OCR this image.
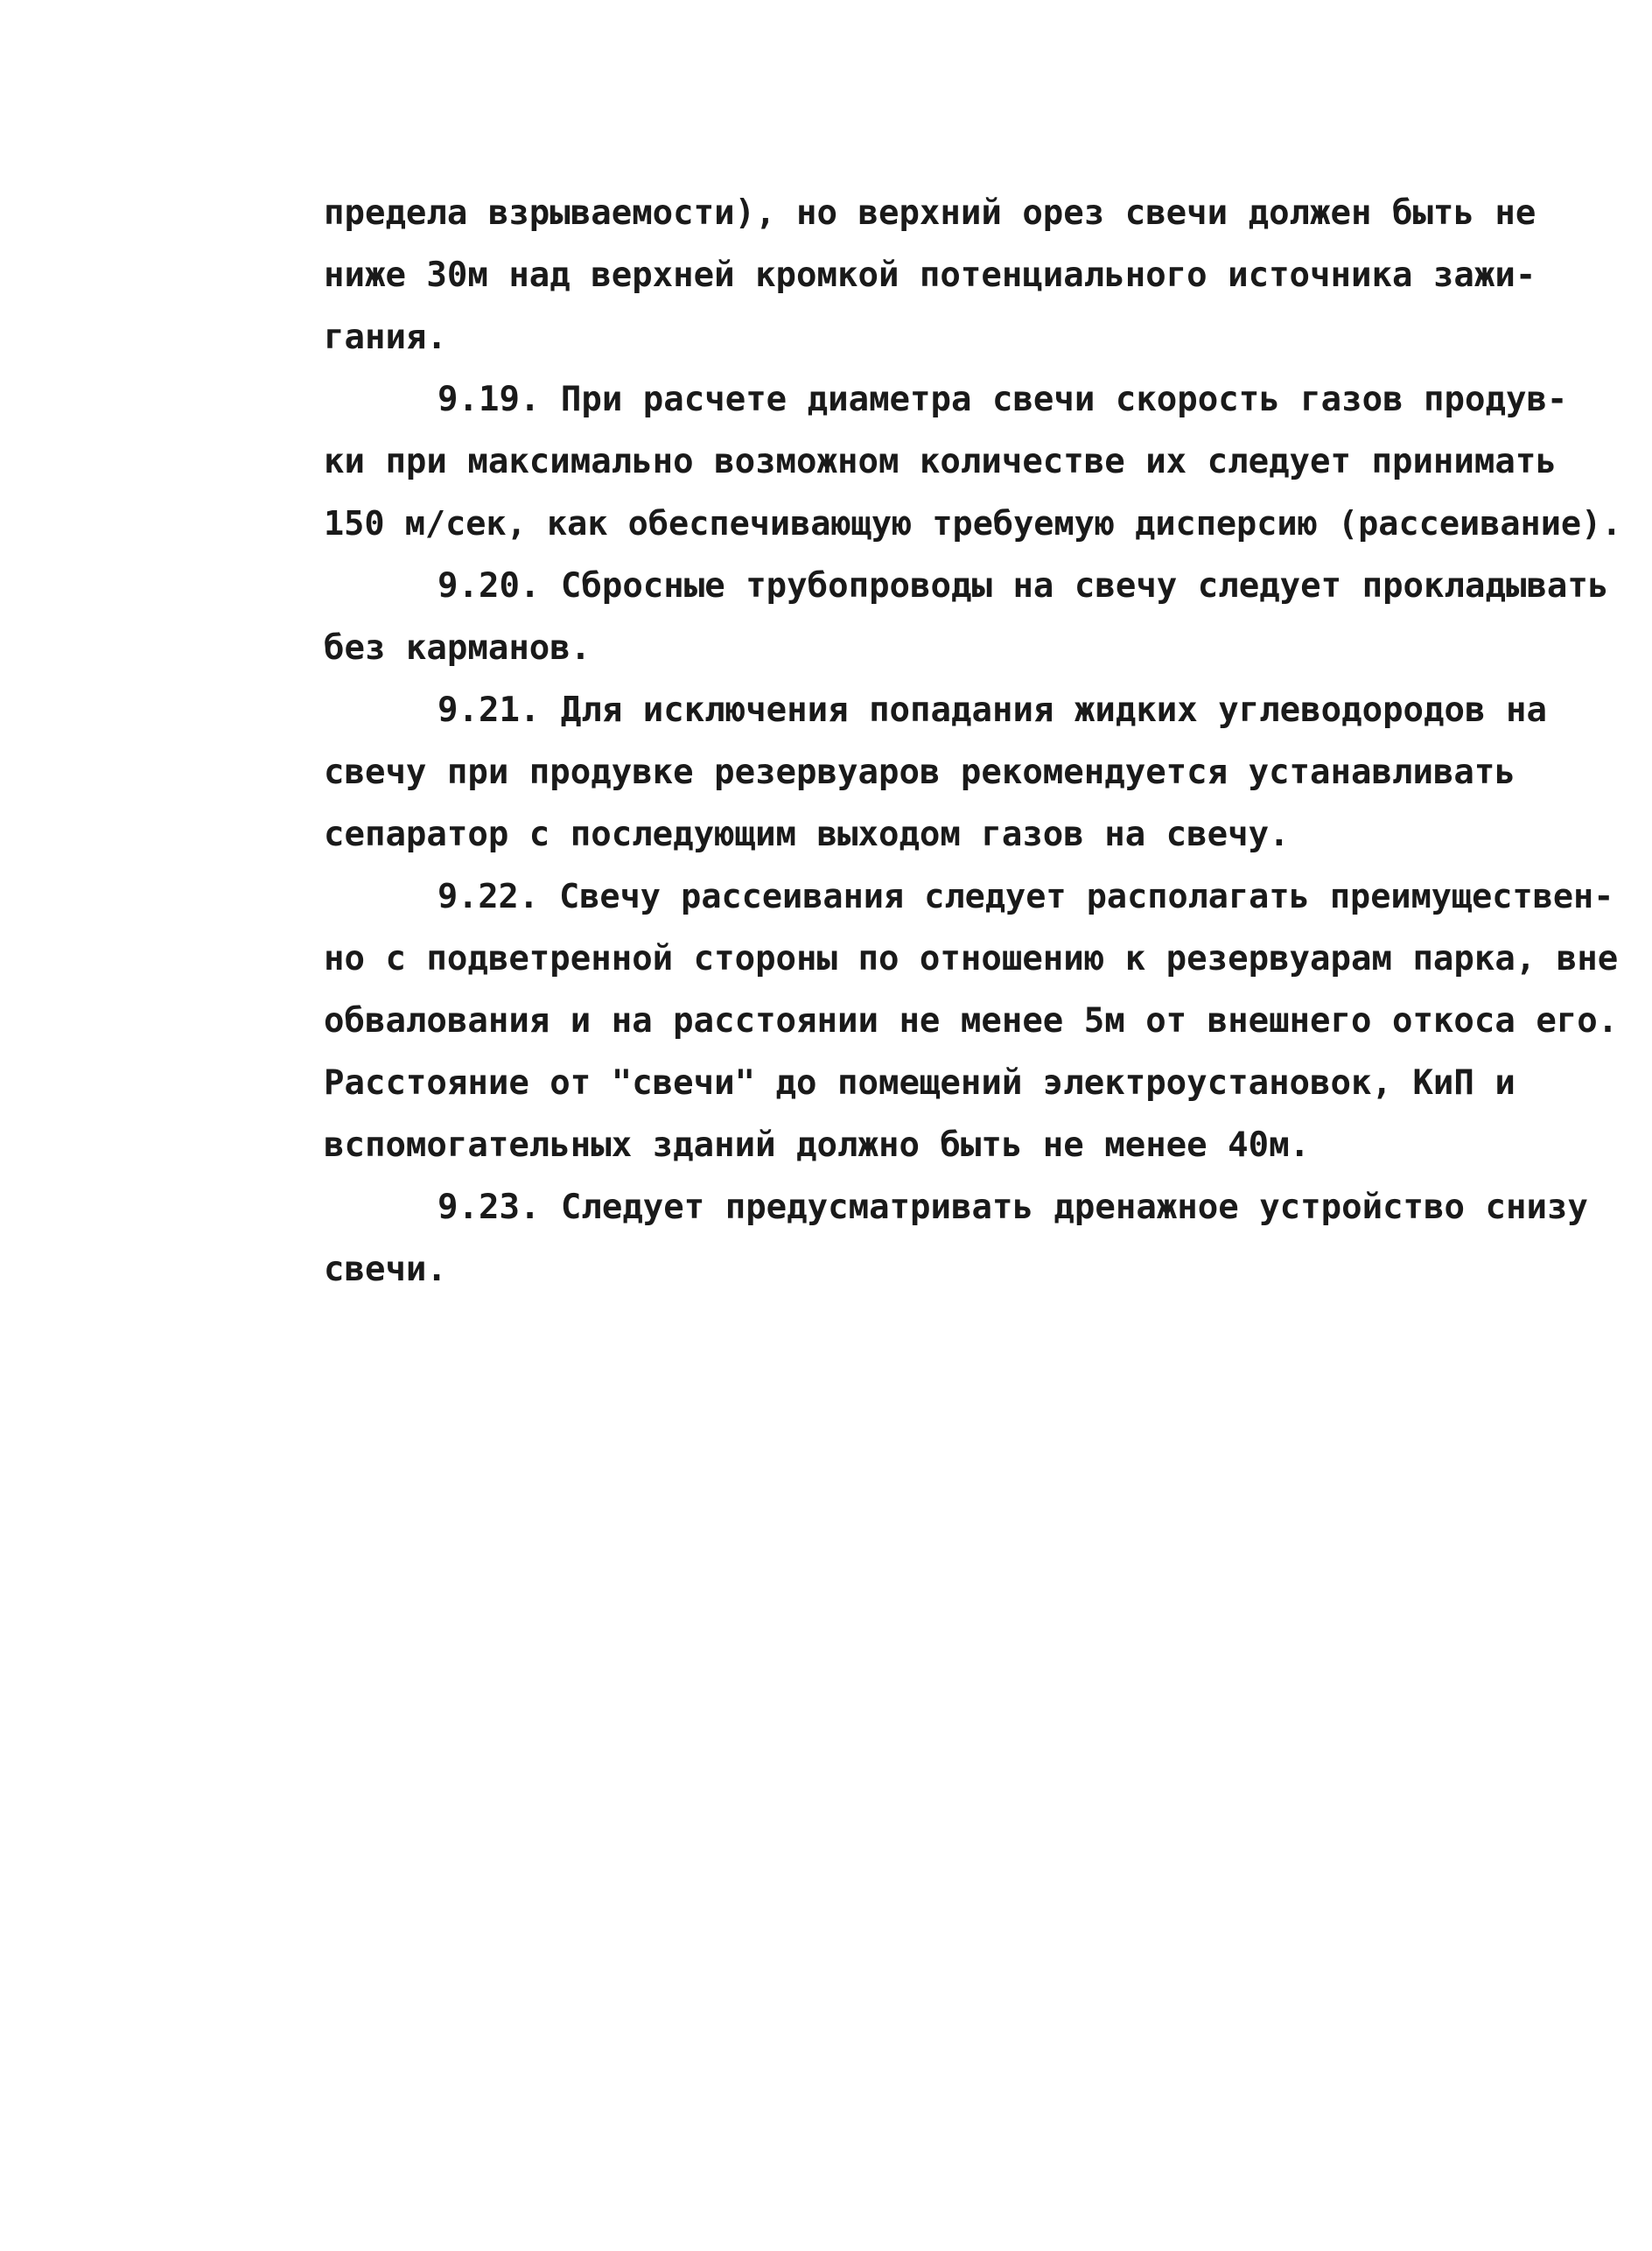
предела взрываемости), но верхний орез свечи должен быть не
ниже 30м над верхней кромкой потенциального источника зажи-
гания.
9.19. При расчете диаметра свечи скорость газов продув-
ки при максимально возможном количестве их следует принимать
150 м/сек, как обеспечивающую требуемую дисперсию (рассеивание).
9.20. Сбросные трубопроводы на свечу следует прокладывать
без карманов.
9.21. Для исключения попадания жидких углеводородов на
свечу при продувке резервуаров рекомендуется устанавливать
сепаратор с последующим выходом газов на свечу.
9.22. Свечу рассеивания следует располагать преимуществен-
но с подветренной стороны по отношению к резервуарам парка, вне
обвалования и на расстоянии не менее 5м от внешнего откоса его.
Расстояние от "свечи" до помещений электроустановок, КиП и
вспомогательных зданий должно быть не менее 40м.
9.23. Следует предусматривать дренажное устройство снизу
свечи.
